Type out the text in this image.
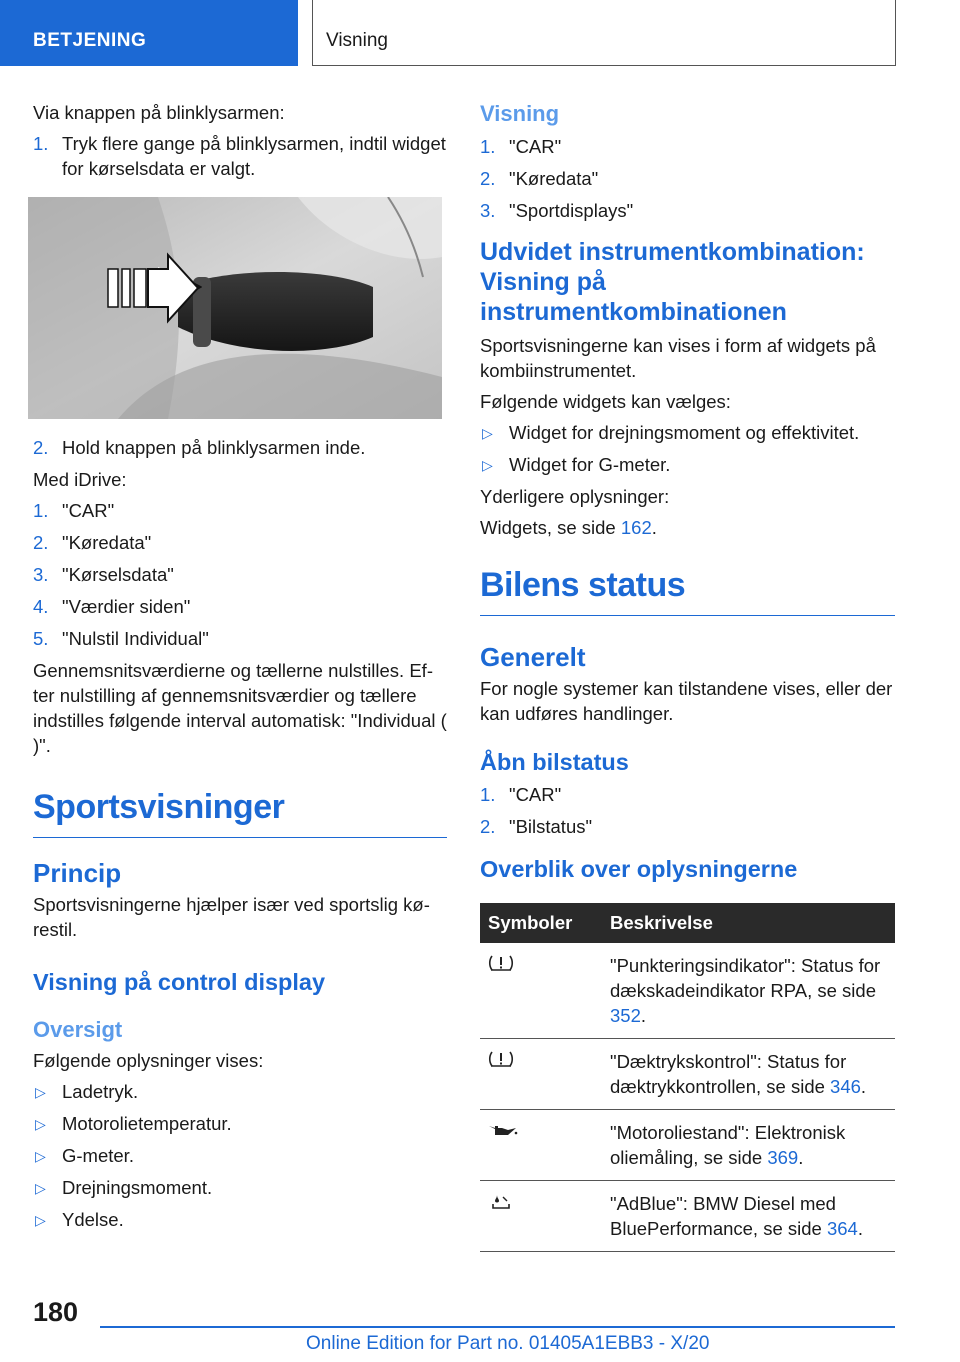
BETJENING	Visning

Via knappen på blinklysarmen:

1. Tryk flere gange på blinklysarmen, indtil widget for kørselsdata er valgt.
2. Hold knappen på blinklysarmen inde.

Med iDrive:

1. "CAR"
2. "Køredata"
3. "Kørselsdata"
4. "Værdier siden"
5. "Nulstil Individual"

Gennemsnitsværdierne og tællerne nulstilles. Efter nulstilling af gennemsnitsværdier og tællere indstilles følgende interval automatisk: "Individual ( )".

Sportsvisninger
Princip

Sportsvisningerne hjælper især ved sportslig kørestil.

Visning på control display
Oversigt

Følgende oplysninger vises:

▷ Ladetryk.
▷ Motorolietemperatur.
▷ G-meter.
▷ Drejningsmoment.
▷ Ydelse.
Visning
1. "CAR"
2. "Køredata"
3. "Sportdisplays"
Udvidet instrumentkombination: Visning på instrumentkombinationen

Sportsvisningerne kan vises i form af widgets på kombiinstrumentet.

Følgende widgets kan vælges:

▷ Widget for drejningsmoment og effektivitet.
▷ Widget for G-meter.

Yderligere oplysninger:

Widgets, se side 162.

Bilens status
Generelt

For nogle systemer kan tilstandene vises, eller der kan udføres handlinger.

Åbn bilstatus
1. "CAR"
2. "Bilstatus"
Overblik over oplysningerne
Symboler	Beskrivelse
	"Punkteringsindikator": Status for dækskadeindikator RPA, se side 352.
	"Dæktrykskontrol": Status for dæktrykkontrollen, se side 346.
	"Motoroliestand": Elektronisk oliemåling, se side 369.
	"AdBlue": BMW Diesel med BluePerformance, se side 364.
180
Online Edition for Part no. 01405A1EBB3 - X/20
